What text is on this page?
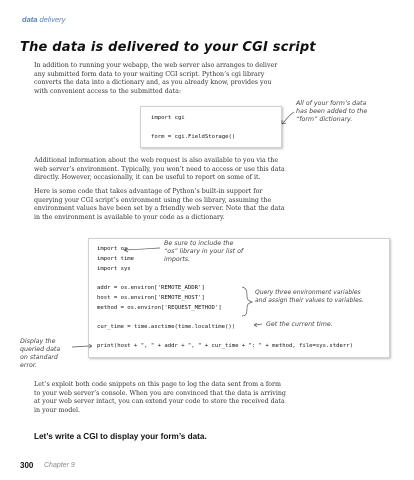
data delivery
The data is delivered to your CGI script
In addition to running your webapp, the web server also arranges to deliver
any submitted form data to your waiting CGI script. Python’s cgi library
converts the data into a dictionary and, as you already know, provides you
with convenient access to the submitted data:
import cgi
form = cgi.FieldStorage()
All of your form’s data
has been added to the
“form” dictionary.
Additional information about the web request is also available to you via the
web server’s environment. Typically, you won’t need to access or use this data
directly. However, occasionally, it can be useful to report on some of it.
Here is some code that takes advantage of Python’s built-in support for
querying your CGI script’s environment using the os library, assuming the
environment values have been set by a friendly web server. Note that the data
in the environment is available to your code as a dictionary.
import os
import time
import sys
addr = os.environ['REMOTE_ADDR']
host = os.environ['REMOTE_HOST']
method = os.environ['REQUEST_METHOD']
cur_time = time.asctime(time.localtime())
print(host + ", " + addr + ", " + cur_time + ": " + method, file=sys.stderr)
Be sure to include the
“os” library in your list of
imports.
Query three environment variables
and assign their values to variables.
Get the current time.
Display the
queried data
on standard
error.
Let’s exploit both code snippets on this page to log the data sent from a form
to your web server’s console. When you are convinced that the data is arriving
at your web server intact, you can extend your code to store the received data
in your model.
Let’s write a CGI to display your form’s data.
300 Chapter 9
